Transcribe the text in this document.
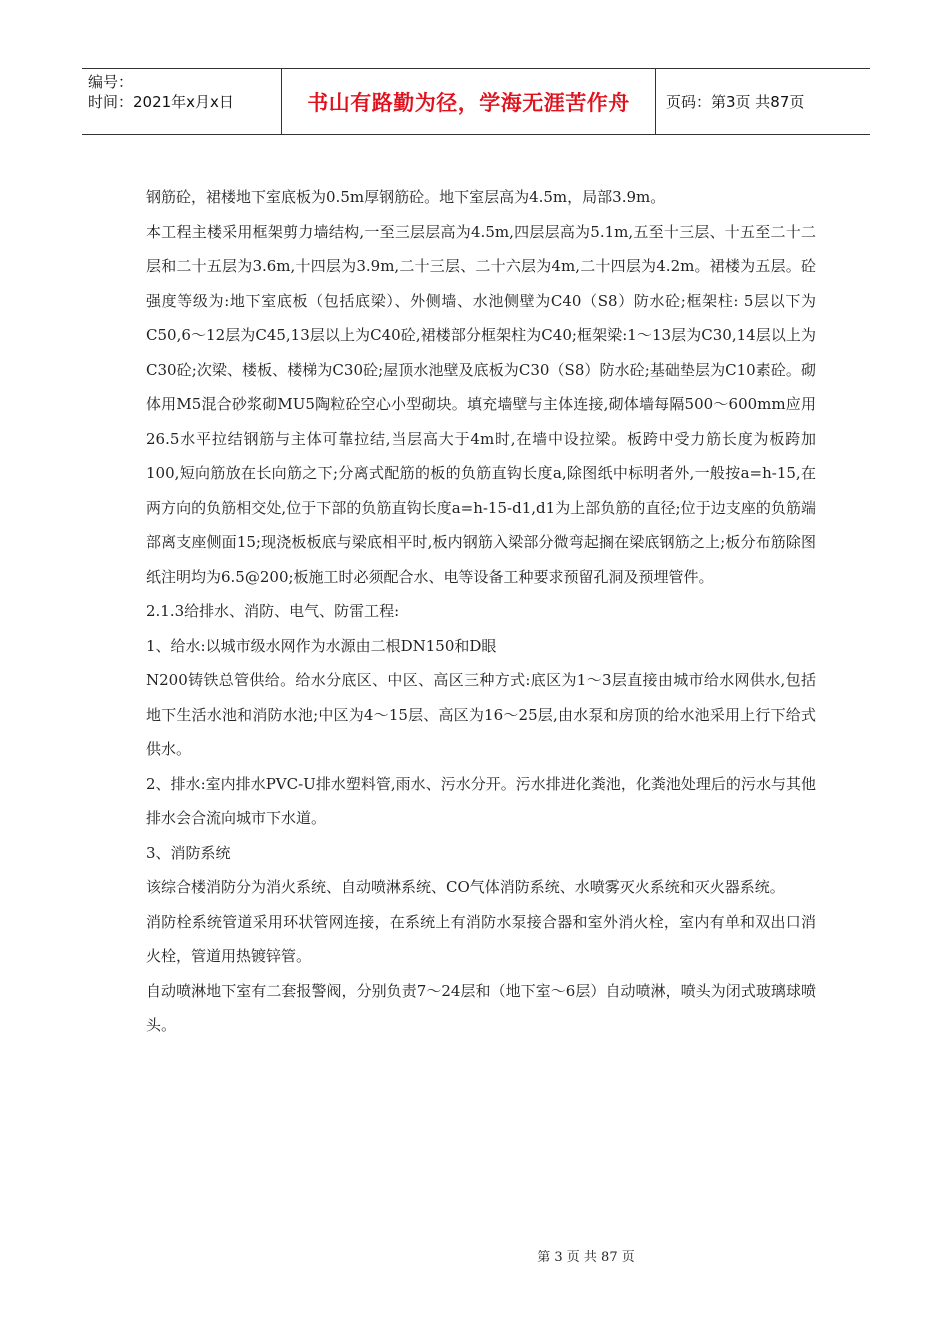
编号：
时间：2021年x月x日	书山有路勤为径，学海无涯苦作舟	页码：第3页 共87页

钢筋砼，裙楼地下室底板为0.5m厚钢筋砼。地下室层高为4.5m，局部3.9m。

本工程主楼采用框架剪力墙结构,一至三层层高为4.5m,四层层高为5.1m,五至十三层、十五至二十二层和二十五层为3.6m,十四层为3.9m,二十三层、二十六层为4m,二十四层为4.2m。裙楼为五层。砼强度等级为:地下室底板（包括底梁）、外侧墙、水池侧壁为C40（S8）防水砼;框架柱: 5层以下为C50,6～12层为C45,13层以上为C40砼,裙楼部分框架柱为C40;框架梁:1～13层为C30,14层以上为C30砼;次梁、楼板、楼梯为C30砼;屋顶水池壁及底板为C30（S8）防水砼;基础垫层为C10素砼。砌体用M5混合砂浆砌MU5陶粒砼空心小型砌块。填充墙壁与主体连接,砌体墙每隔500～600mm应用26.5水平拉结钢筋与主体可靠拉结,当层高大于4m时,在墙中设拉梁。板跨中受力筋长度为板跨加100,短向筋放在长向筋之下;分离式配筋的板的负筋直钩长度a,除图纸中标明者外,一般按a=h-15,在两方向的负筋相交处,位于下部的负筋直钩长度a=h-15-d1,d1为上部负筋的直径;位于边支座的负筋端部离支座侧面15;现浇板板底与梁底相平时,板内钢筋入梁部分微弯起搁在梁底钢筋之上;板分布筋除图纸注明均为6.5@200;板施工时必须配合水、电等设备工种要求预留孔洞及预埋管件。

2.1.3给排水、消防、电气、防雷工程:

1、给水:以城市级水网作为水源由二根DN150和D眼

N200铸铁总管供给。给水分底区、中区、高区三种方式:底区为1～3层直接由城市给水网供水,包括地下生活水池和消防水池;中区为4～15层、高区为16～25层,由水泵和房顶的给水池采用上行下给式供水。

2、排水:室内排水PVC-U排水塑料管,雨水、污水分开。污水排进化粪池，化粪池处理后的污水与其他排水会合流向城市下水道。

3、消防系统

该综合楼消防分为消火系统、自动喷淋系统、CO气体消防系统、水喷雾灭火系统和灭火器系统。

消防栓系统管道采用环状管网连接，在系统上有消防水泵接合器和室外消火栓，室内有单和双出口消火栓，管道用热镀锌管。

自动喷淋地下室有二套报警阀，分别负责7～24层和（地下室～6层）自动喷淋，喷头为闭式玻璃球喷头。

第 3 页 共 87 页
